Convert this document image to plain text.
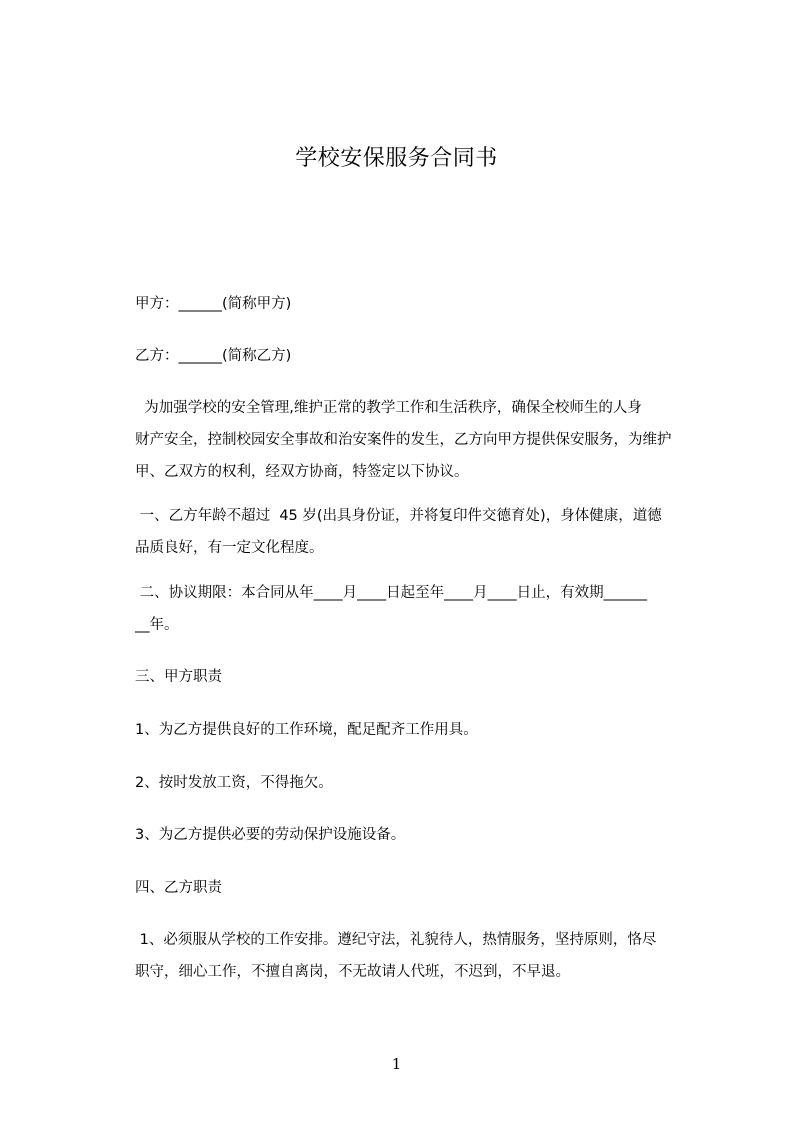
学校安保服务合同书
甲方：______(简称甲方)
乙方：______(简称乙方)
为加强学校的安全管理,维护正常的教学工作和生活秩序，确保全校师生的人身
财产安全，控制校园安全事故和治安案件的发生，乙方向甲方提供保安服务，为维护
甲、乙双方的权利，经双方协商，特签定以下协议。
一、乙方年龄不超过  45 岁(出具身份证，并将复印件交德育处)，身体健康，道德
品质良好，有一定文化程度。
二、协议期限：本合同从年____月____日起至年____月____日止，有效期______
__年。
三、甲方职责
1、为乙方提供良好的工作环境，配足配齐工作用具。
2、按时发放工资，不得拖欠。
3、为乙方提供必要的劳动保护设施设备。
四、乙方职责
1、必须服从学校的工作安排。遵纪守法，礼貌待人，热情服务，坚持原则，恪尽
职守，细心工作，不擅自离岗，不无故请人代班，不迟到，不早退。
1
